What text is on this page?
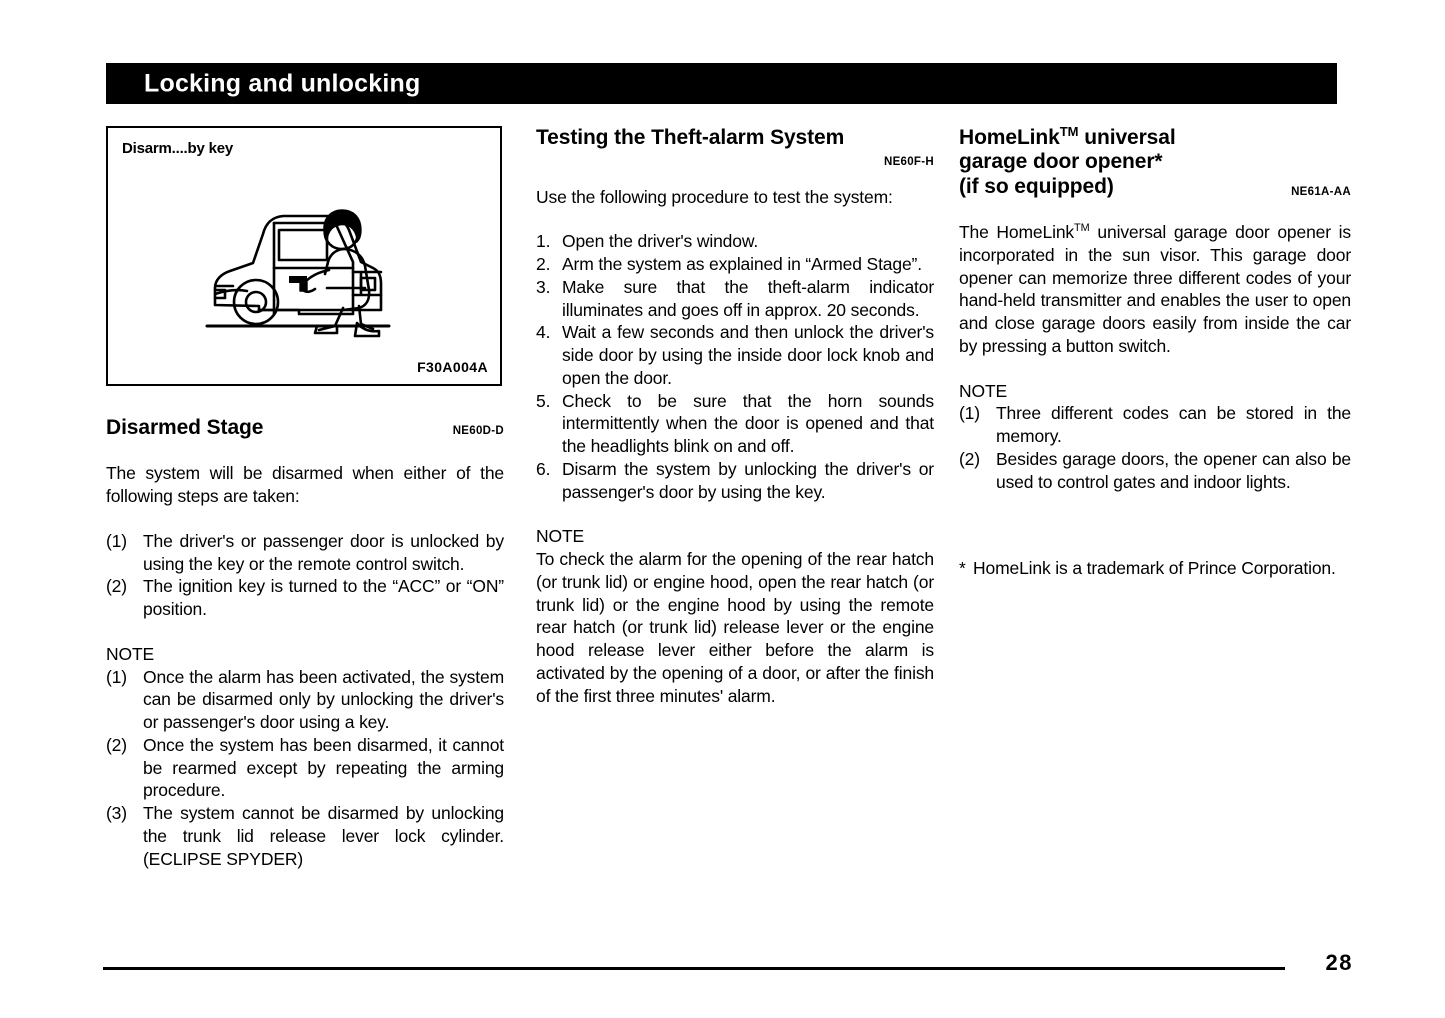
Locking and unlocking
Disarm....by key
F30A004A
Disarmed Stage	NE60D-D

The system will be disarmed when either of the following steps are taken:

(1) The driver's or passenger door is unlocked by using the key or the remote control switch.
(2) The ignition key is turned to the “ACC” or “ON” position.
NOTE
(1) Once the alarm has been activated, the system can be disarmed only by unlocking the driver's or passenger's door using a key.
(2) Once the system has been disarmed, it cannot be rearmed except by repeating the arming procedure.
(3) The system cannot be disarmed by unlocking the trunk lid release lever lock cylinder. (ECLIPSE SPYDER)
Testing the Theft-alarm System
NE60F-H

Use the following procedure to test the system:

1. Open the driver's window.
2. Arm the system as explained in “Armed Stage”.
3. Make sure that the theft-alarm indicator illuminates and goes off in approx. 20 seconds.
4. Wait a few seconds and then unlock the driver's side door by using the inside door lock knob and open the door.
5. Check to be sure that the horn sounds intermittently when the door is opened and that the headlights blink on and off.
6. Disarm the system by unlocking the driver's or passenger's door by using the key.
NOTE

To check the alarm for the opening of the rear hatch (or trunk lid) or engine hood, open the rear hatch (or trunk lid) or the engine hood by using the remote rear hatch (or trunk lid) release lever or the engine hood release lever either before the alarm is activated by the opening of a door, or after the finish of the first three minutes' alarm.

HomeLink™ universal
garage door opener*
(if so equipped)	NE61A-AA

The HomeLink™ universal garage door opener is incorporated in the sun visor. This garage door opener can memorize three different codes of your hand-held transmitter and enables the user to open and close garage doors easily from inside the car by pressing a button switch.

NOTE
(1) Three different codes can be stored in the memory.
(2) Besides garage doors, the opener can also be used to control gates and indoor lights.
* HomeLink is a trademark of Prince Corporation.
28
